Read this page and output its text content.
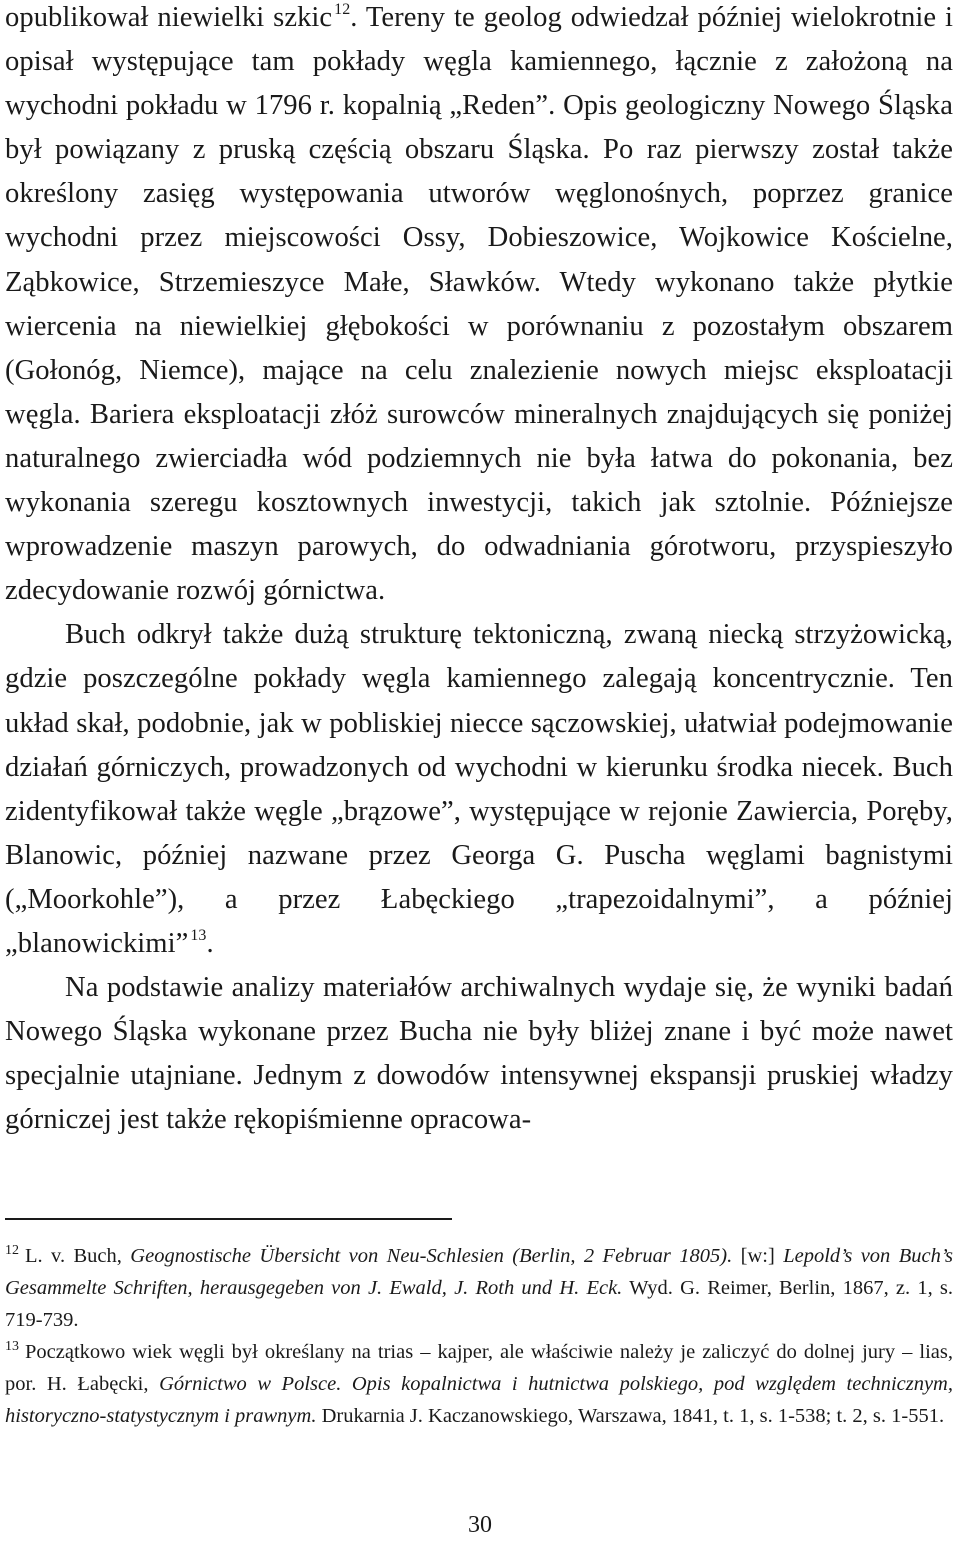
opublikował niewielki szkic $^{12}$. Tereny te geolog odwiedzał później wielokrotnie i opisał występujące tam pokłady węgla kamiennego, łącznie z założoną na wychodni pokładu w 1796 r. kopalnią „Reden”. Opis geologiczny Nowego Śląska był powiązany z pruską częścią obszaru Śląska. Po raz pierwszy został także określony zasięg występowania utworów węglonośnych, poprzez granice wychodni przez miejscowości Ossy, Dobieszowice, Wojkowice Kościelne, Ząbkowice, Strzemieszyce Małe, Sławków. Wtedy wykonano także płytkie wiercenia na niewielkiej głębokości w porównaniu z pozostałym obszarem (Gołonóg, Niemce), mające na celu znalezienie nowych miejsc eksploatacji węgla. Bariera eksploatacji złóż surowców mineralnych znajdujących się poniżej naturalnego zwierciadła wód podziemnych nie była łatwa do pokonania, bez wykonania szeregu kosztownych inwestycji, takich jak sztolnie. Późniejsze wprowadzenie maszyn parowych, do odwadniania górotworu, przyspieszyło zdecydowanie rozwój górnictwa.

Buch odkrył także dużą strukturę tektoniczną, zwaną niecką strzyżowicką, gdzie poszczególne pokłady węgla kamiennego zalegają koncentrycznie. Ten układ skał, podobnie, jak w pobliskiej niecce sączowskiej, ułatwiał podejmowanie działań górniczych, prowadzonych od wychodni w kierunku środka niecek. Buch zidentyfikował także węgle „brązowe”, występujące w rejonie Zawiercia, Poręby, Blanowic, później nazwane przez Georga G. Puscha węglami bagnistymi („Moorkohle”), a przez Łabęckiego „trapezoidalnymi”, a później „blanowickimi” $^{13}$.

Na podstawie analizy materiałów archiwalnych wydaje się, że wyniki badań Nowego Śląska wykonane przez Bucha nie były bliżej znane i być może nawet specjalnie utajniane. Jednym z dowodów intensywnej ekspansji pruskiej władzy górniczej jest także rękopiśmienne opracowa-

$^{12}$ L. v. Buch, Geognostische Übersicht von Neu-Schlesien (Berlin, 2 Februar 1805). [w:] Lepold’s von Buch’s Gesammelte Schriften, herausgegeben von J. Ewald, J. Roth und H. Eck. Wyd. G. Reimer, Berlin, 1867, z. 1, s. 719-739.

$^{13}$ Początkowo wiek węgli był określany na trias – kajper, ale właściwie należy je zaliczyć do dolnej jury – lias, por. H. Łabęcki, Górnictwo w Polsce. Opis kopalnictwa i hutnictwa polskiego, pod względem technicznym, historyczno-statystycznym i prawnym. Drukarnia J. Kaczanowskiego, Warszawa, 1841, t. 1, s. 1-538; t. 2, s. 1-551.

30
